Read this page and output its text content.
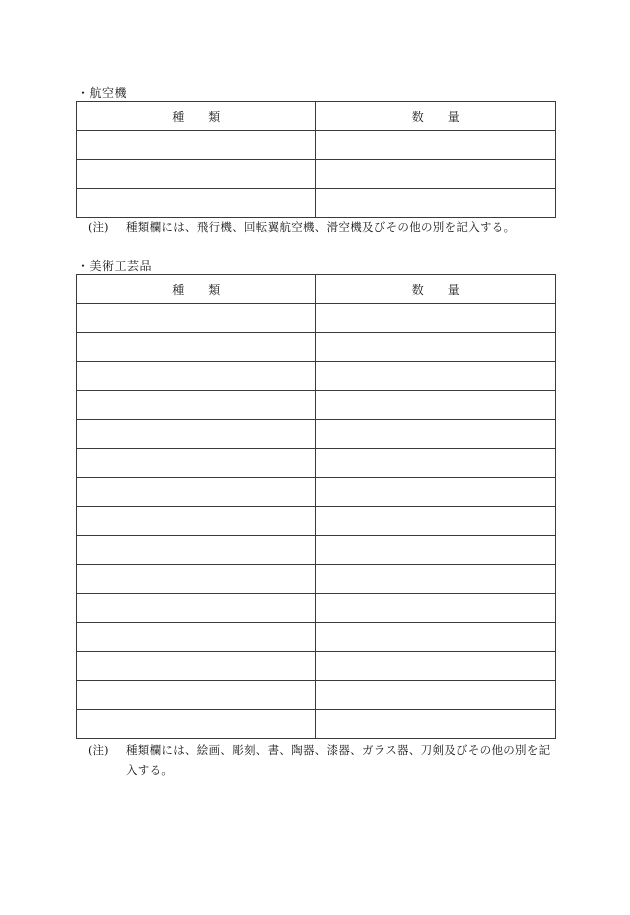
・航空機
種　　類	数　　量

(注) 種類欄には、飛行機、回転翼航空機、滑空機及びその他の別を記入する。
・美術工芸品
種　　類	数　　量

(注) 種類欄には、絵画、彫刻、書、陶器、漆器、ガラス器、刀剣及びその他の別を記入する。
